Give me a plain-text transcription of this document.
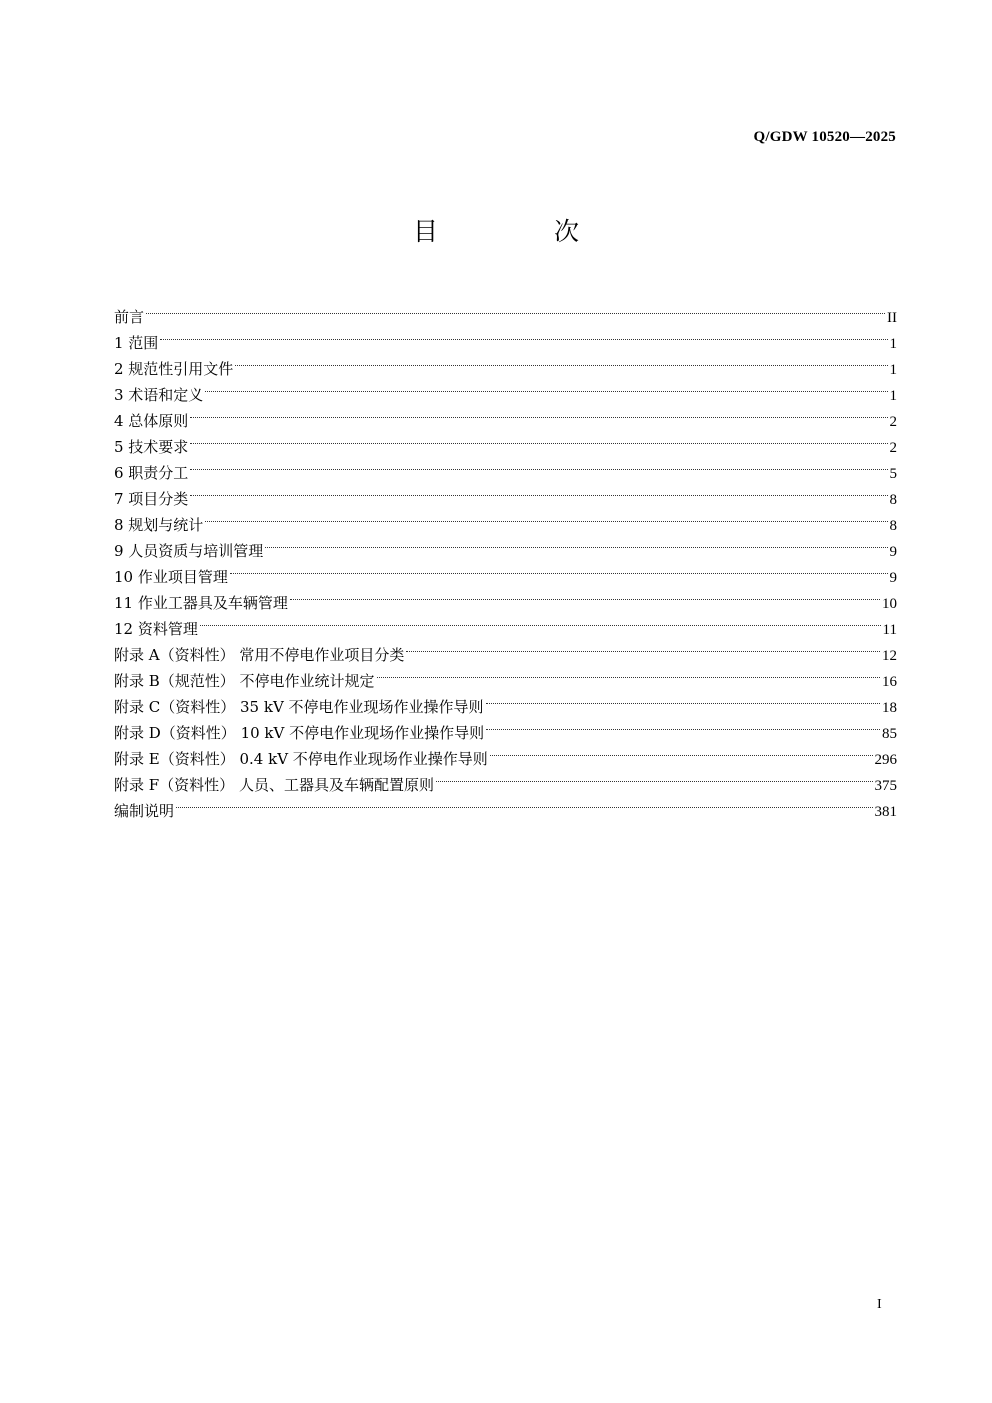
Q/GDW 10520—2025
目 次
前言	II
1 范围	1
2 规范性引用文件	1
3 术语和定义	1
4 总体原则	2
5 技术要求	2
6 职责分工	5
7 项目分类	8
8 规划与统计	8
9 人员资质与培训管理	9
10 作业项目管理	9
11 作业工器具及车辆管理	10
12 资料管理	11
附录 A（资料性） 常用不停电作业项目分类	12
附录 B（规范性） 不停电作业统计规定	16
附录 C（资料性） 35 kV 不停电作业现场作业操作导则	18
附录 D（资料性） 10 kV 不停电作业现场作业操作导则	85
附录 E（资料性） 0.4 kV 不停电作业现场作业操作导则	296
附录 F（资料性） 人员、工器具及车辆配置原则	375
编制说明	381
I
